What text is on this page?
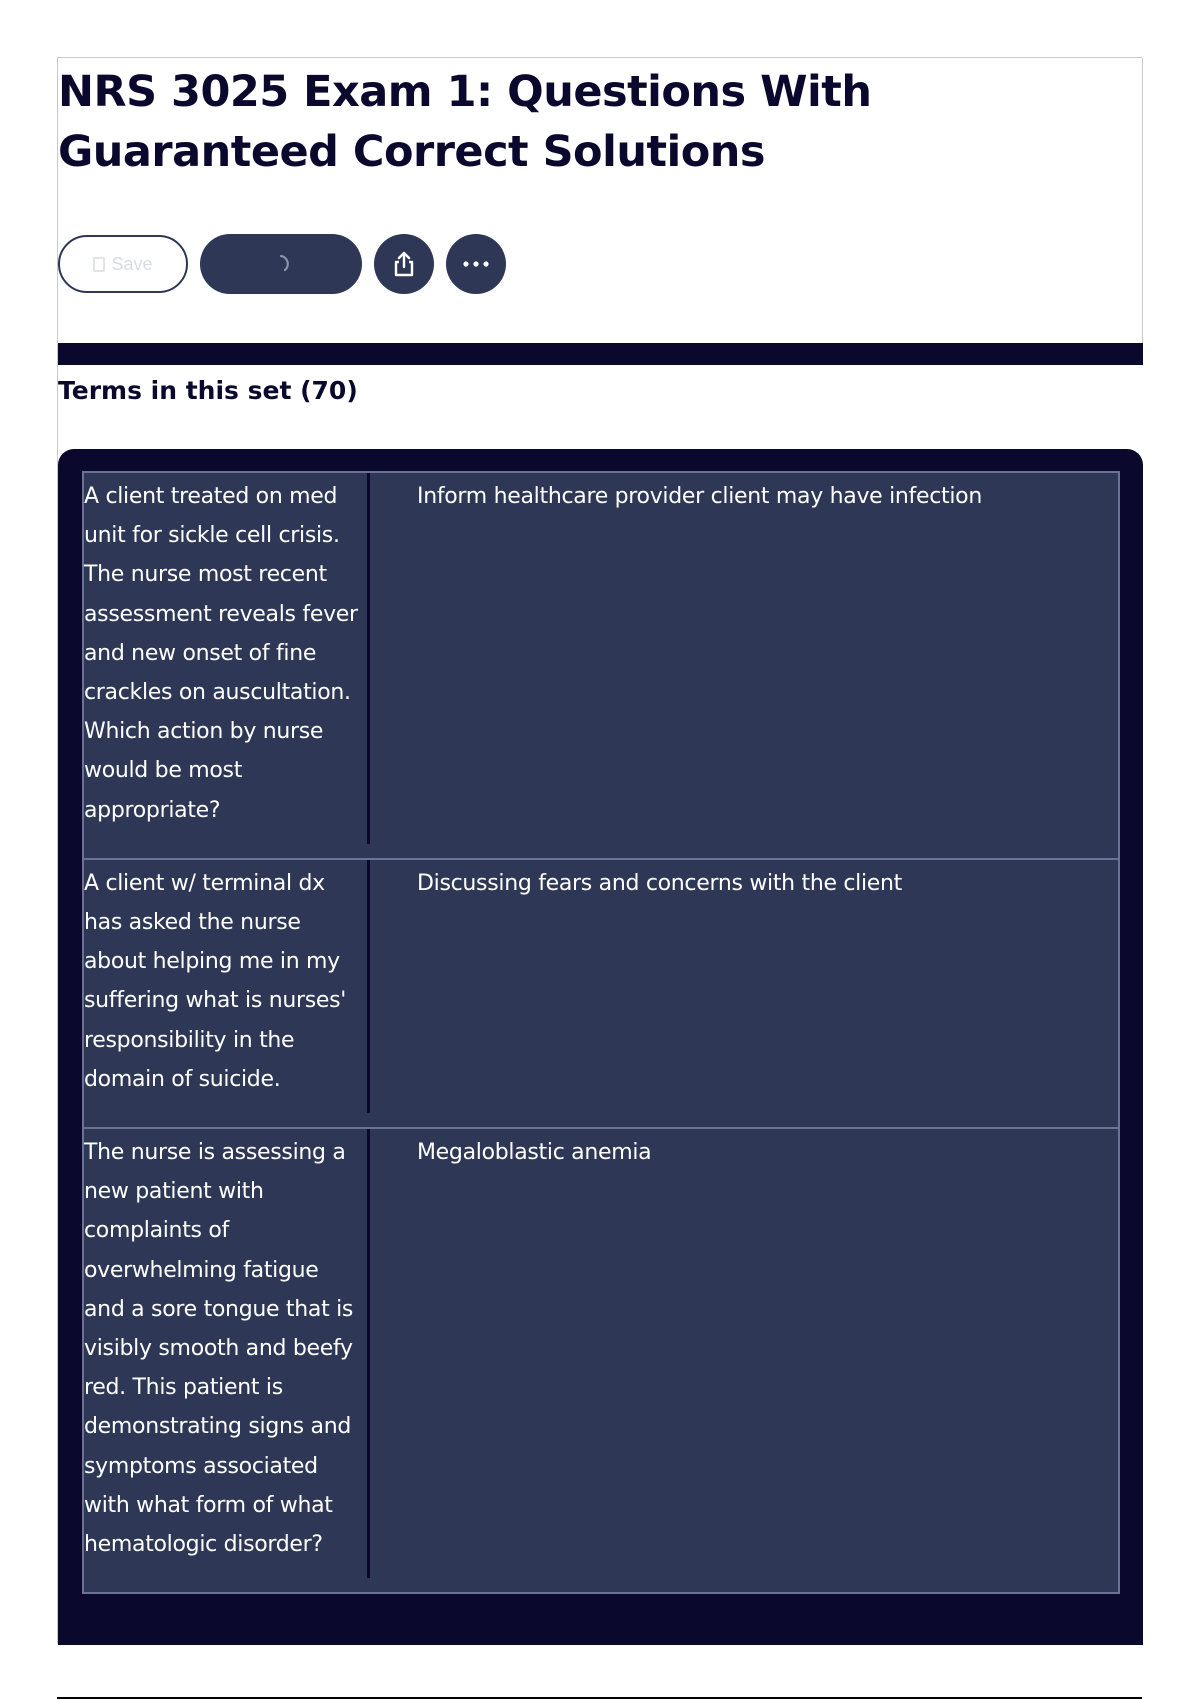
NRS 3025 Exam 1: Questions With Guaranteed Correct Solutions
Save
Terms in this set (70)
A client treated on med unit for sickle cell crisis. The nurse most recent assessment reveals fever and new onset of fine crackles on auscultation. Which action by nurse would be most appropriate?
Inform healthcare provider client may have infection
A client w/ terminal dx has asked the nurse about helping me in my suffering what is nurses' responsibility in the domain of suicide.
Discussing fears and concerns with the client
The nurse is assessing a new patient with complaints of overwhelming fatigue and a sore tongue that is visibly smooth and beefy red. This patient is demonstrating signs and symptoms associated with what form of what hematologic disorder?
Megaloblastic anemia
